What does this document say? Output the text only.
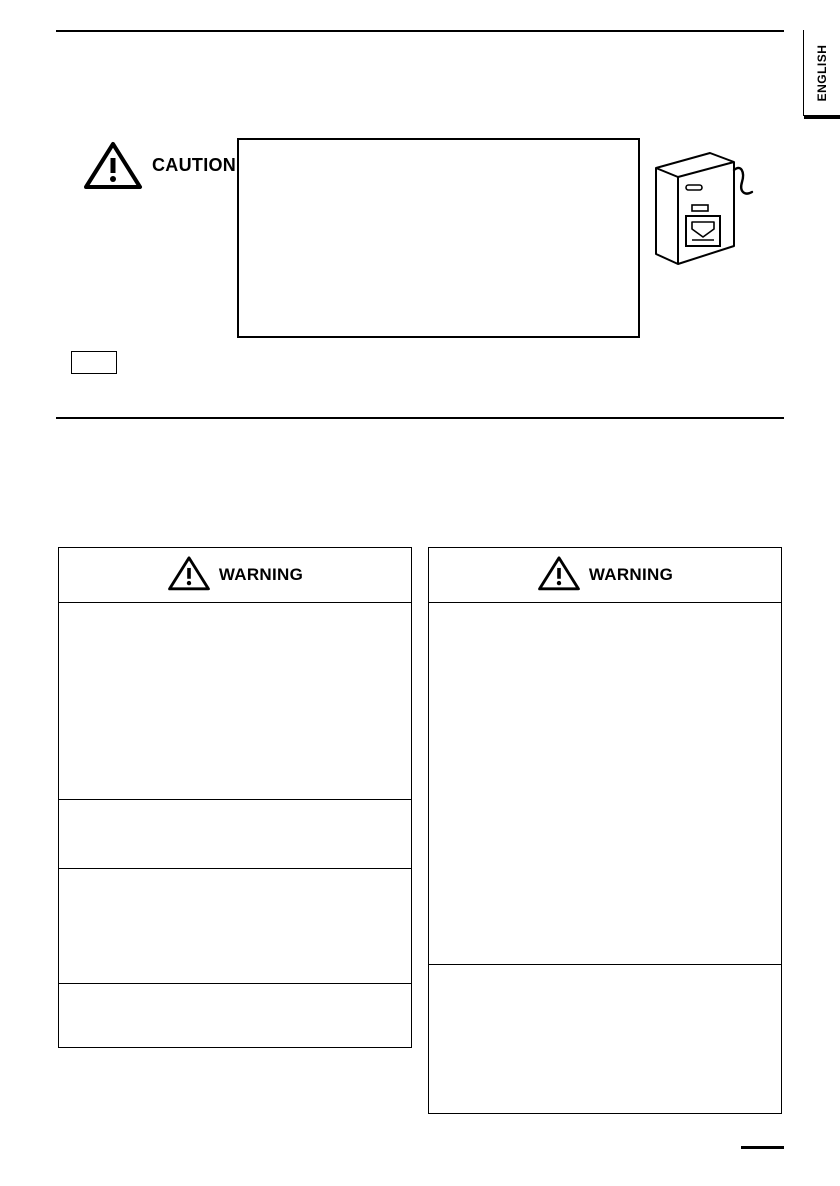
ENGLISH
CAUTION

WARNING	WARNING
